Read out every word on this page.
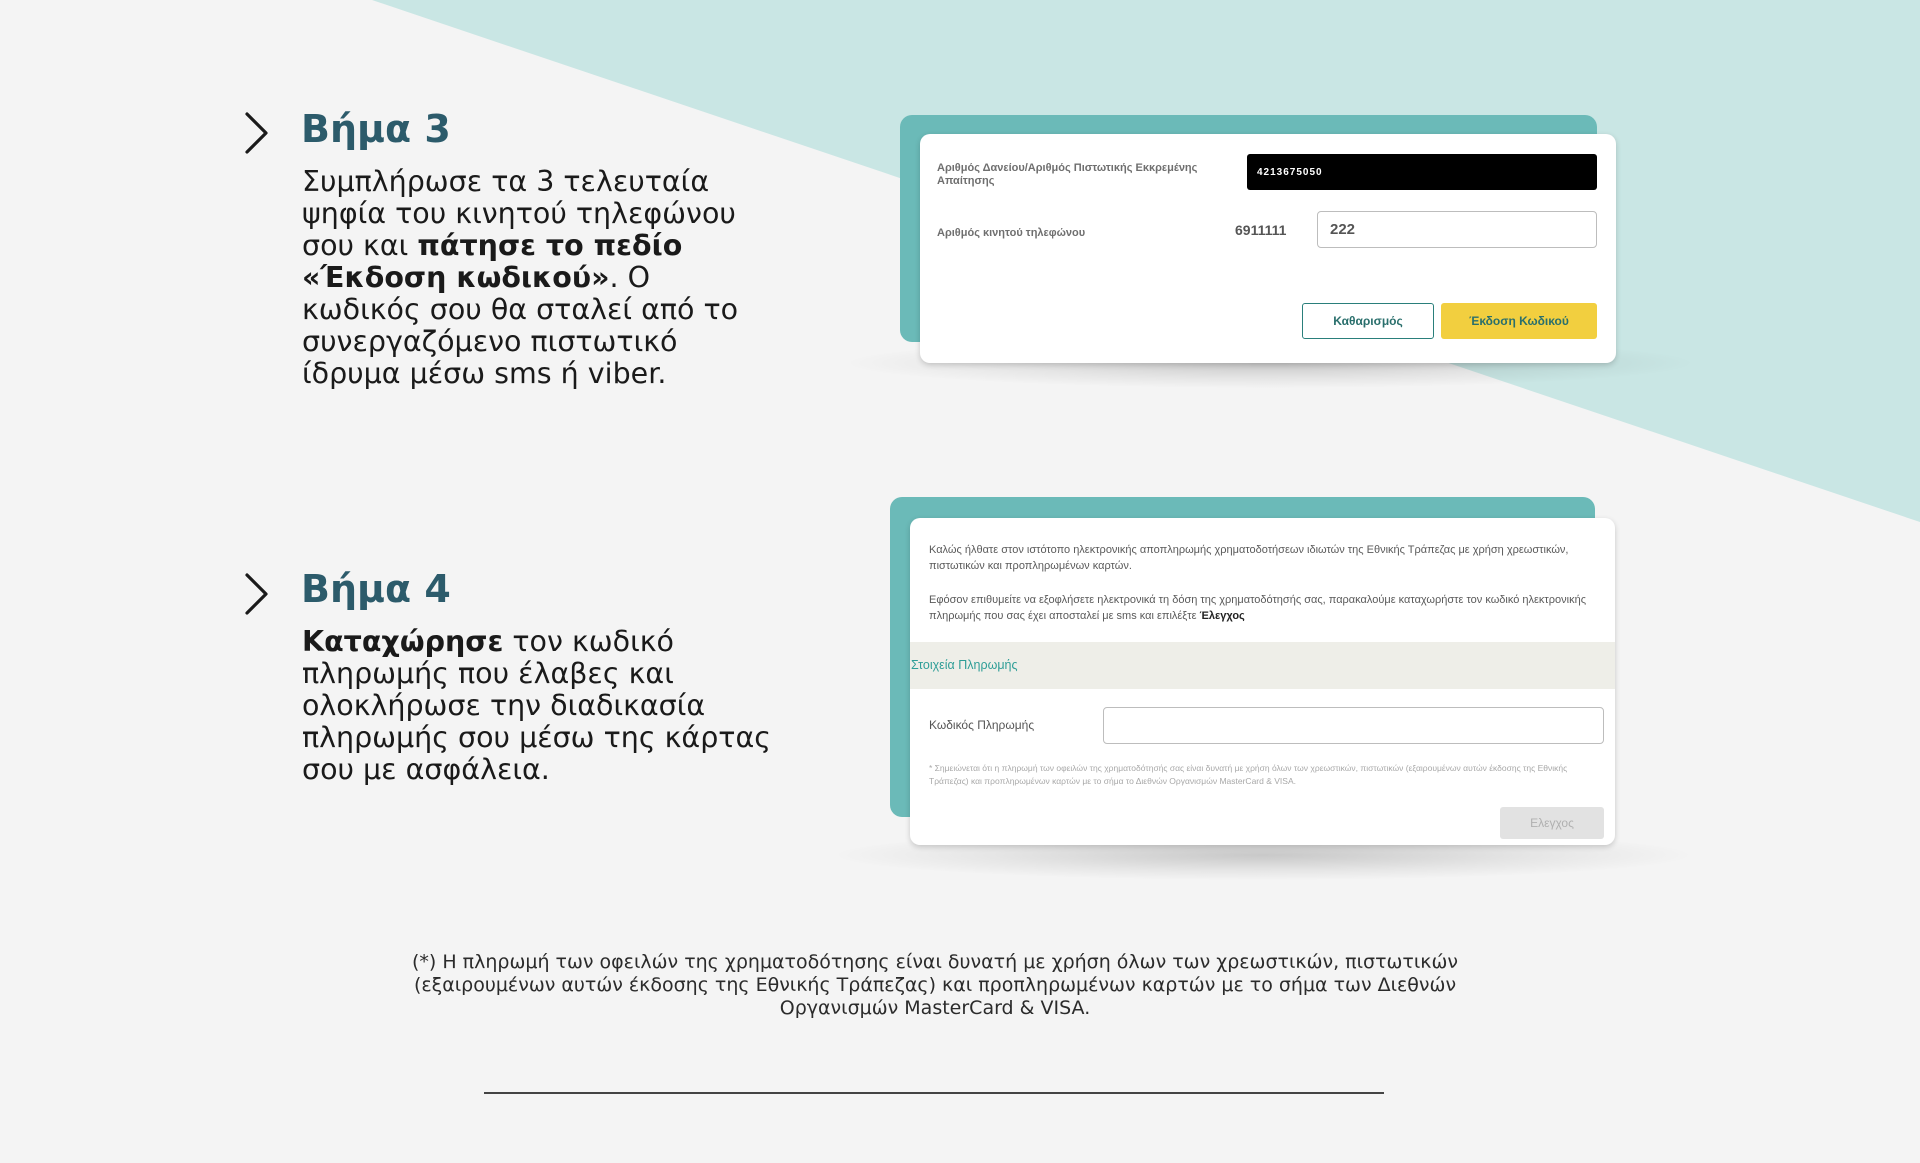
Βήμα 3

Συμπλήρωσε τα 3 τελευταία ψηφία του κινητού τηλεφώνου σου και πάτησε το πεδίο «Έκδοση κωδικού». Ο κωδικός σου θα σταλεί από το συνεργαζόμενο πιστωτικό ίδρυμα μέσω sms ή viber.

Βήμα 4

Καταχώρησε τον κωδικό πληρωμής που έλαβες και ολοκλήρωσε την διαδικασία πληρωμής σου μέσω της κάρτας σου με ασφάλεια.

Αριθμός Δανείου/Αριθμός Πιστωτικής Εκκρεμένης Απαίτησης
4213675050
Αριθμός κινητού τηλεφώνου	6911111	222
Καθαρισμός	Έκδοση Κωδικού
Καλώς ήλθατε στον ιστότοπο ηλεκτρονικής αποπληρωμής χρηματοδοτήσεων ιδιωτών της Εθνικής Τράπεζας με χρήση χρεωστικών, πιστωτικών και προπληρωμένων καρτών.
Εφόσον επιθυμείτε να εξοφλήσετε ηλεκτρονικά τη δόση της χρηματοδότησής σας, παρακαλούμε καταχωρήστε τον κωδικό ηλεκτρονικής πληρωμής που σας έχει αποσταλεί με sms και επιλέξτε Έλεγχος
Στοιχεία Πληρωμής
Κωδικός Πληρωμής
* Σημειώνεται ότι η πληρωμή των οφειλών της χρηματοδότησής σας είναι δυνατή με χρήση όλων των χρεωστικών, πιστωτικών (εξαιρουμένων αυτών έκδοσης της Εθνικής Τράπεζας) και προπληρωμένων καρτών με το σήμα το Διεθνών Οργανισμών MasterCard & VISA.
Ελεγχος

(*) Η πληρωμή των οφειλών της χρηματοδότησης είναι δυνατή με χρήση όλων των χρεωστικών, πιστωτικών (εξαιρουμένων αυτών έκδοσης της Εθνικής Τράπεζας) και προπληρωμένων καρτών με το σήμα των Διεθνών Οργανισμών MasterCard & VISA.
